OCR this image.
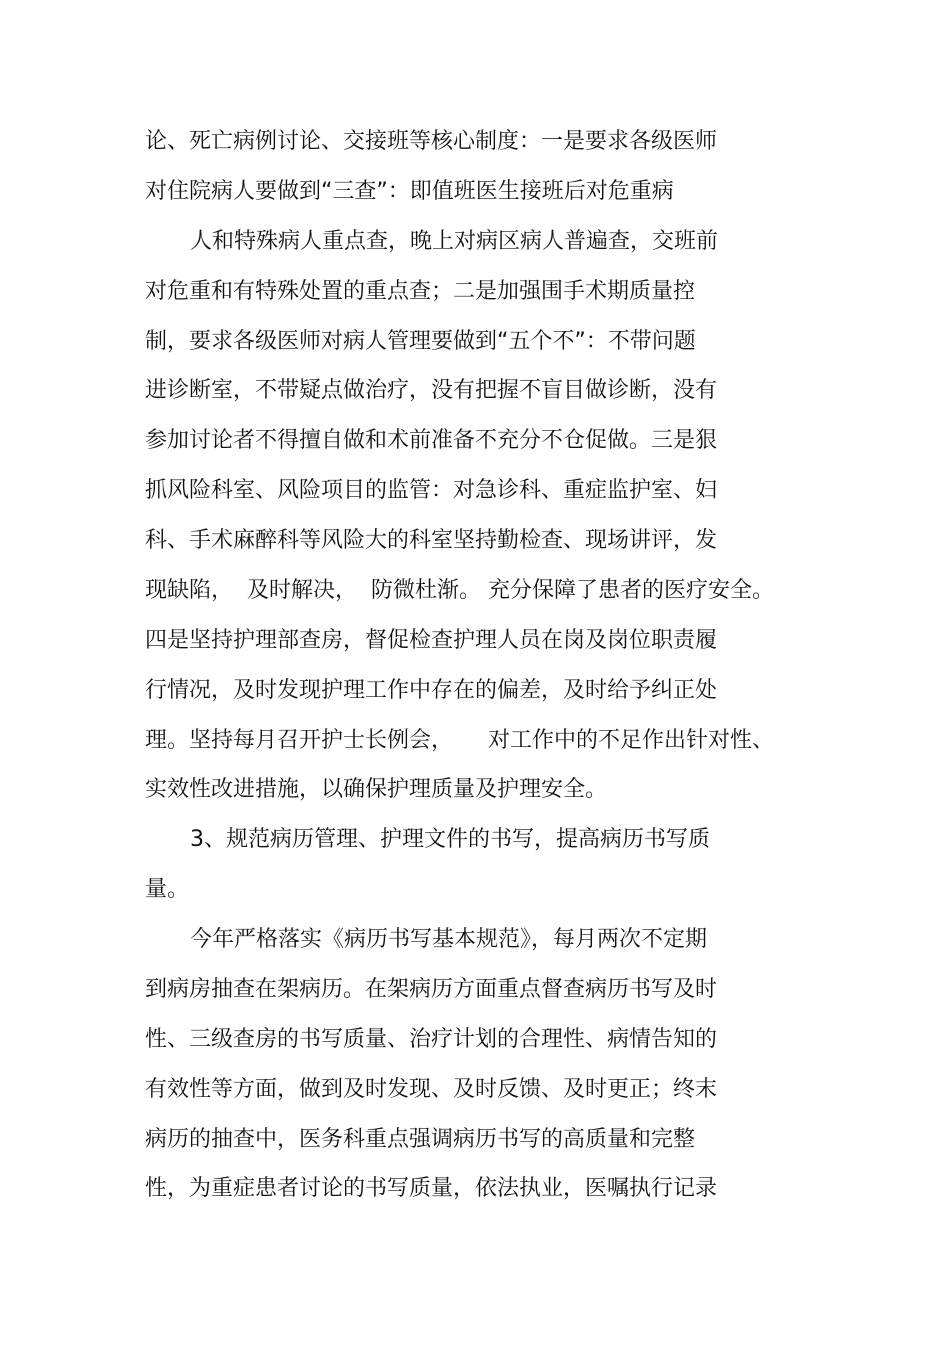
论、死亡病例讨论、交接班等核心制度：一是要求各级医师

对住院病人要做到“三查”：即值班医生接班后对危重病

人和特殊病人重点查，晚上对病区病人普遍查，交班前

对危重和有特殊处置的重点查；二是加强围手术期质量控

制，要求各级医师对病人管理要做到“五个不”：不带问题

进诊断室，不带疑点做治疗，没有把握不盲目做诊断，没有

参加讨论者不得擅自做和术前准备不充分不仓促做。三是狠

抓风险科室、风险项目的监管：对急诊科、重症监护室、妇

科、手术麻醉科等风险大的科室坚持勤检查、现场讲评，发

现缺陷，  及时解决，  防微杜渐。 充分保障了患者的医疗安全。

四是坚持护理部查房，督促检查护理人员在岗及岗位职责履

行情况，及时发现护理工作中存在的偏差，及时给予纠正处

理。坚持每月召开护士长例会，     对工作中的不足作出针对性、

实效性改进措施，以确保护理质量及护理安全。

3、规范病历管理、护理文件的书写，提高病历书写质

量。

今年严格落实《病历书写基本规范》，每月两次不定期

到病房抽查在架病历。在架病历方面重点督查病历书写及时

性、三级查房的书写质量、治疗计划的合理性、病情告知的

有效性等方面，做到及时发现、及时反馈、及时更正；终末

病历的抽查中，医务科重点强调病历书写的高质量和完整

性，为重症患者讨论的书写质量，依法执业，医嘱执行记录
